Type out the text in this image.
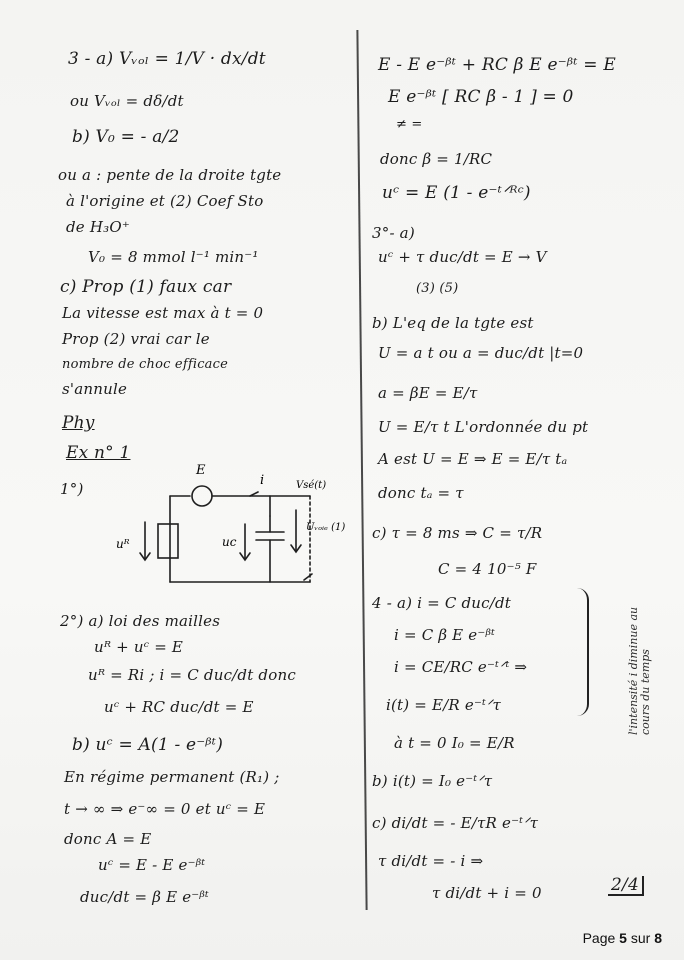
3 - a) Vᵥₒₗ = 1/V · dx/dt
ou Vᵥₒₗ = dδ/dt
b) V₀ = - a/2
ou a : pente de la droite tgte
à l'origine et (2) Coef Sto
de H₃O⁺
V₀ = 8 mmol l⁻¹ min⁻¹
c) Prop (1) faux car
La vitesse est max à t = 0
Prop (2) vrai car le
nombre de choc efficace
s'annule
Phy
Ex n° 1
1°)
2°) a) loi des mailles
uᴿ + uᶜ = E
uᴿ = Ri ; i = C duc/dt donc
uᶜ + RC duc/dt = E
b) uᶜ = A(1 - e⁻ᵝᵗ)
En régime permanent (R₁) ;
t → ∞ ⇒ e⁻∞ = 0 et uᶜ = E
donc A = E
uᶜ = E - E e⁻ᵝᵗ
duc/dt = β E e⁻ᵝᵗ
E
i	Vsé(t)
uᴿ	uc
Uᵥₒᵢₑ (1)
E - E e⁻ᵝᵗ + RC β E e⁻ᵝᵗ = E
E e⁻ᵝᵗ [ RC β - 1 ] = 0
≠ =
donc β = 1/RC
uᶜ = E (1 - e⁻ᵗᐟᴿᶜ)
3°- a)
uᶜ + τ duc/dt = E → V
(3) (5)
b) L'eq de la tgte est
U = a t ou a = duc/dt |t=0
a = βE = E/τ
U = E/τ t L'ordonnée du pt
A est U = E ⇒ E = E/τ tₐ
donc tₐ = τ
c) τ = 8 ms ⇒ C = τ/R
C = 4 10⁻⁵ F
4 - a) i = C duc/dt
i = C β E e⁻ᵝᵗ
i = CE/RC e⁻ᵗᐟᵗ ⇒
i(t) = E/R e⁻ᵗᐟτ
à t = 0 I₀ = E/R
b) i(t) = I₀ e⁻ᵗᐟτ
c) di/dt = - E/τR e⁻ᵗᐟτ
τ di/dt = - i ⇒
τ di/dt + i = 0	2/4
l'intensité i diminue au cours du temps
Page 5 sur 8
